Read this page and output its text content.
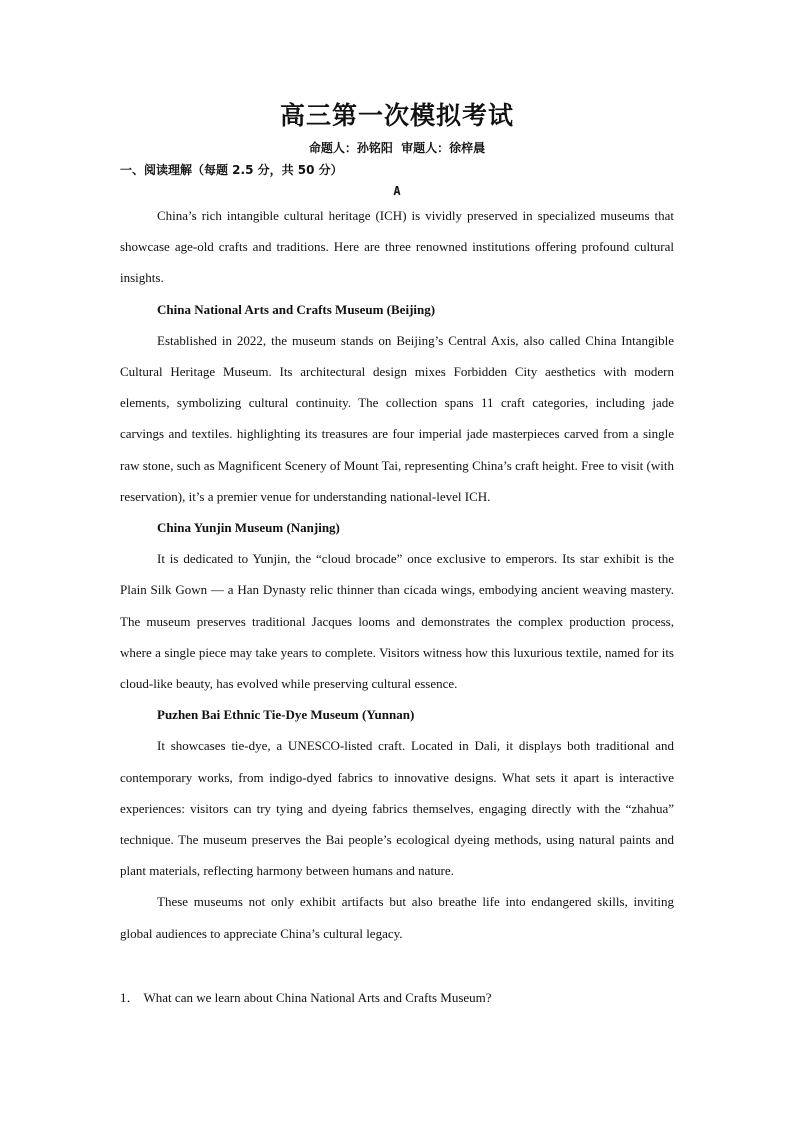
高三第一次模拟考试
命题人：孙铭阳 审题人：徐梓晨
一、阅读理解（每题 2.5 分，共 50 分）
A

China’s rich intangible cultural heritage (ICH) is vividly preserved in specialized museums that showcase age-old crafts and traditions. Here are three renowned institutions offering profound cultural insights.

China National Arts and Crafts Museum (Beijing)

Established in 2022, the museum stands on Beijing’s Central Axis, also called China Intangible Cultural Heritage Museum. Its architectural design mixes Forbidden City aesthetics with modern elements, symbolizing cultural continuity. The collection spans 11 craft categories, including jade carvings and textiles. highlighting its treasures are four imperial jade masterpieces carved from a single raw stone, such as Magnificent Scenery of Mount Tai, representing China’s craft height. Free to visit (with reservation), it’s a premier venue for understanding national-level ICH.

China Yunjin Museum (Nanjing)

It is dedicated to Yunjin, the “cloud brocade” once exclusive to emperors. Its star exhibit is the Plain Silk Gown — a Han Dynasty relic thinner than cicada wings, embodying ancient weaving mastery. The museum preserves traditional Jacques looms and demonstrates the complex production process, where a single piece may take years to complete. Visitors witness how this luxurious textile, named for its cloud-like beauty, has evolved while preserving cultural essence.

Puzhen Bai Ethnic Tie-Dye Museum (Yunnan)

It showcases tie-dye, a UNESCO-listed craft. Located in Dali, it displays both traditional and contemporary works, from indigo-dyed fabrics to innovative designs. What sets it apart is interactive experiences: visitors can try tying and dyeing fabrics themselves, engaging directly with the “zhahua” technique. The museum preserves the Bai people’s ecological dyeing methods, using natural paints and plant materials, reflecting harmony between humans and nature.

These museums not only exhibit artifacts but also breathe life into endangered skills, inviting global audiences to appreciate China’s cultural legacy.

1． What can we learn about China National Arts and Crafts Museum?
